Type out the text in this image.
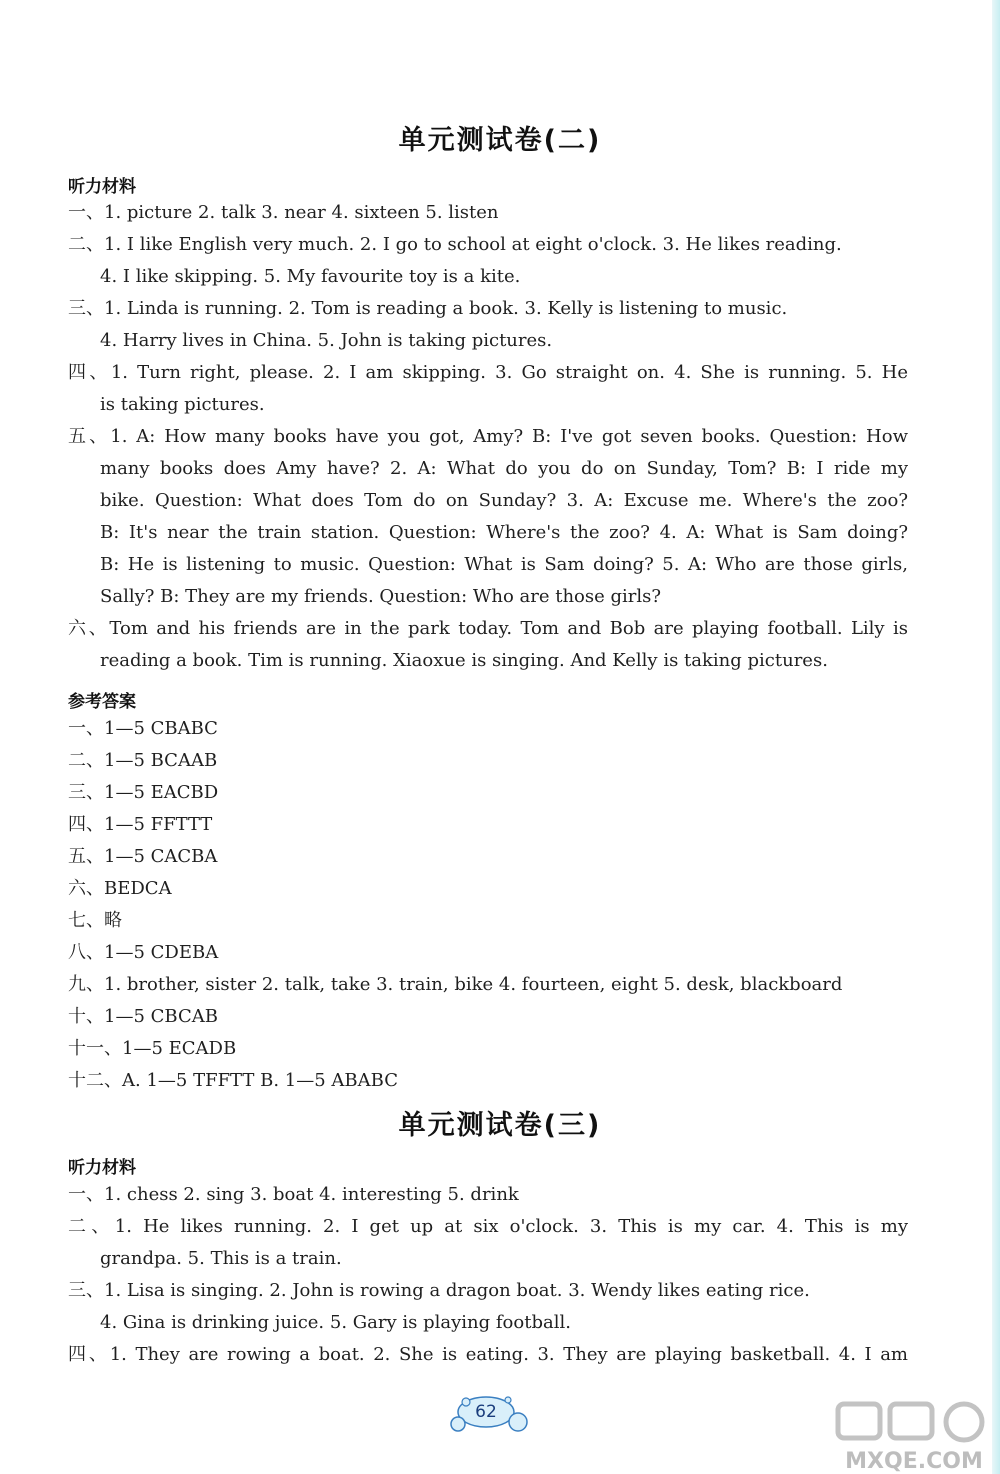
单元测试卷(二)
听力材料
一、1. picture 2. talk 3. near 4. sixteen 5. listen
二、1. I like English very much. 2. I go to school at eight o'clock. 3. He likes reading.
4. I like skipping. 5. My favourite toy is a kite.
三、1. Linda is running. 2. Tom is reading a book. 3. Kelly is listening to music.
4. Harry lives in China. 5. John is taking pictures.
四、1. Turn right, please. 2. I am skipping. 3. Go straight on. 4. She is running. 5. He
is taking pictures.
五、1. A: How many books have you got, Amy? B: I've got seven books. Question: How
many books does Amy have? 2. A: What do you do on Sunday, Tom? B: I ride my
bike. Question: What does Tom do on Sunday? 3. A: Excuse me. Where's the zoo?
B: It's near the train station. Question: Where's the zoo? 4. A: What is Sam doing?
B: He is listening to music. Question: What is Sam doing? 5. A: Who are those girls,
Sally? B: They are my friends. Question: Who are those girls?
六、Tom and his friends are in the park today. Tom and Bob are playing football. Lily is
reading a book. Tim is running. Xiaoxue is singing. And Kelly is taking pictures.
参考答案
一、1—5 CBABC
二、1—5 BCAAB
三、1—5 EACBD
四、1—5 FFTTT
五、1—5 CACBA
六、BEDCA
七、略
八、1—5 CDEBA
九、1. brother, sister 2. talk, take 3. train, bike 4. fourteen, eight 5. desk, blackboard
十、1—5 CBCAB
十一、1—5 ECADB
十二、A. 1—5 TFFTT B. 1—5 ABABC
单元测试卷(三)
听力材料
一、1. chess 2. sing 3. boat 4. interesting 5. drink
二、1. He likes running. 2. I get up at six o'clock. 3. This is my car. 4. This is my
grandpa. 5. This is a train.
三、1. Lisa is singing. 2. John is rowing a dragon boat. 3. Wendy likes eating rice.
4. Gina is drinking juice. 5. Gary is playing football.
四、1. They are rowing a boat. 2. She is eating. 3. They are playing basketball. 4. I am
62
MXQE.COM
